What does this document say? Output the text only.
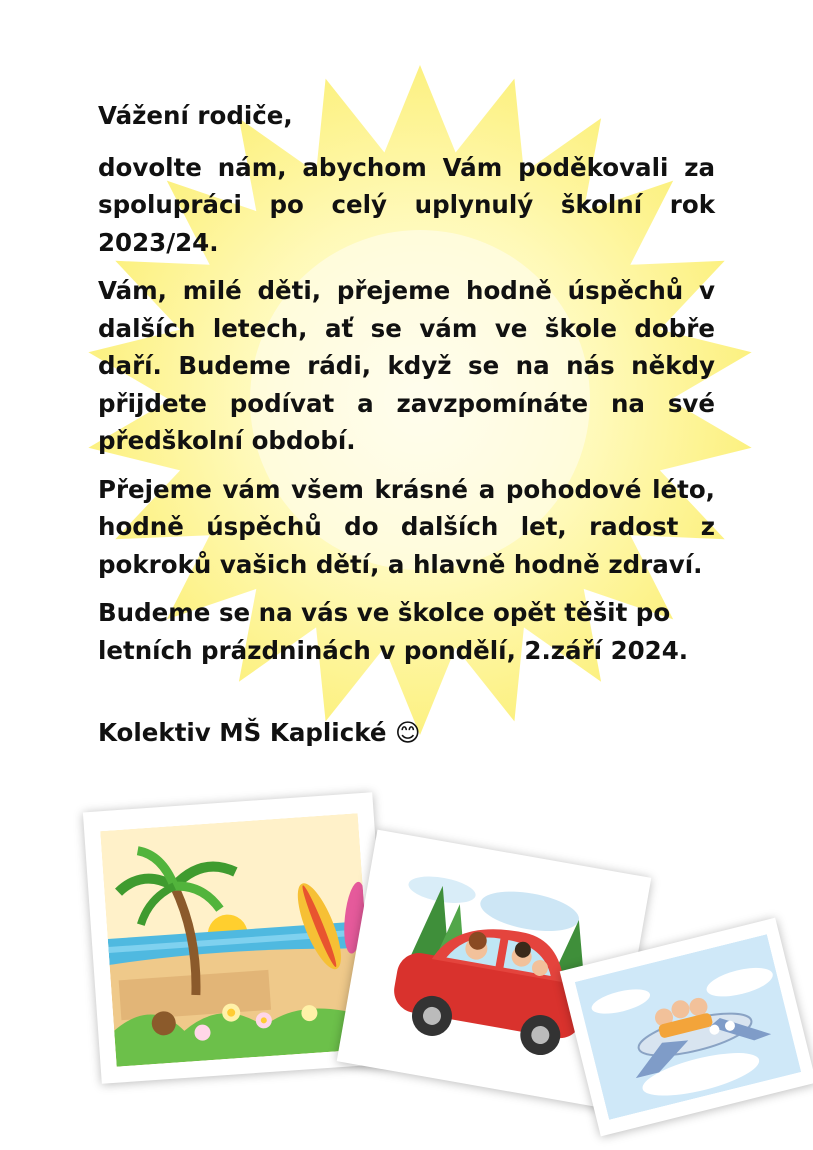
Vážení rodiče,

dovolte nám, abychom Vám poděkovali za spolupráci po celý uplynulý školní rok 2023/24.

Vám, milé děti, přejeme hodně úspěchů v dalších letech, ať se vám ve škole dobře daří. Budeme rádi, když se na nás někdy přijdete podívat a zavzpomínáte na své předškolní období.

Přejeme vám všem krásné a pohodové léto, hodně úspěchů do dalších let, radost z pokroků vašich dětí, a hlavně hodně zdraví.

Budeme se na vás ve školce opět těšit po letních prázdninách v pondělí, 2.září 2024.

Kolektiv MŠ Kaplické 😊
